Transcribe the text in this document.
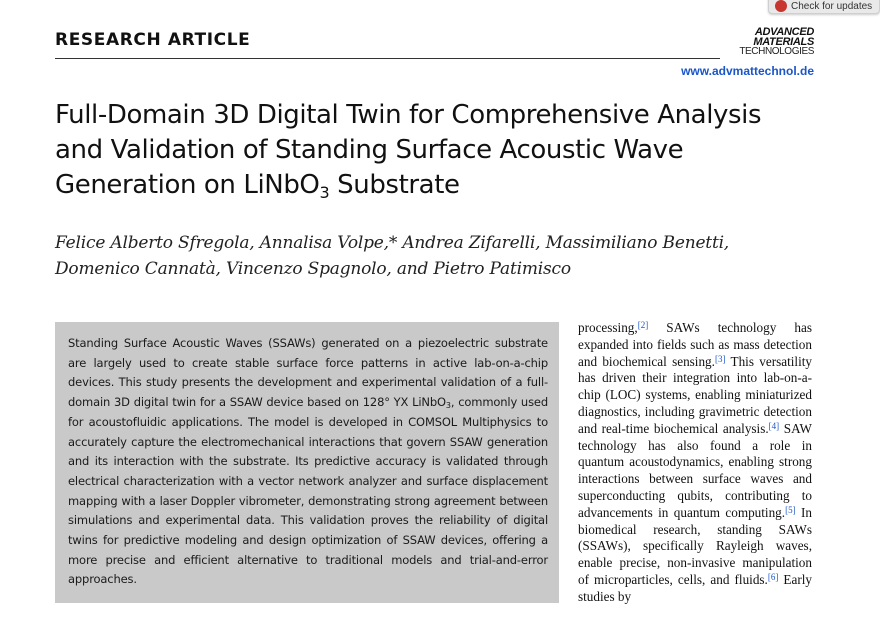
Check for updates
RESEARCH ARTICLE	ADVANCED
MATERIALS
TECHNOLOGIES
www.advmattechnol.de
Full-Domain 3D Digital Twin for Comprehensive Analysis and Validation of Standing Surface Acoustic Wave Generation on LiNbO$_3$ Substrate
Felice Alberto Sfregola, Annalisa Volpe,* Andrea Zifarelli, Massimiliano Benetti,
Domenico Cannatà, Vincenzo Spagnolo, and Pietro Patimisco

Standing Surface Acoustic Waves (SSAWs) generated on a piezoelectric substrate are largely used to create stable surface force patterns in active lab-on-a-chip devices. This study presents the development and experimental validation of a full-domain 3D digital twin for a SSAW device based on 128° YX LiNbO$_3$, commonly used for acoustofluidic applications. The model is developed in COMSOL Multiphysics to accurately capture the electromechanical interactions that govern SSAW generation and its interaction with the substrate. Its predictive accuracy is validated through electrical characterization with a vector network analyzer and surface displacement mapping with a laser Doppler vibrometer, demonstrating strong agreement between simulations and experimental data. This validation proves the reliability of digital twins for predictive modeling and design optimization of SSAW devices, offering a more precise and efficient alternative to traditional models and trial-and-error approaches.

processing,[2] SAWs technology has expanded into fields such as mass detection and biochemical sensing.[3] This versatility has driven their integration into lab-on-a-chip (LOC) systems, enabling miniaturized diagnostics, including gravimetric detection and real-time biochemical analysis.[4] SAW technology has also found a role in quantum acoustodynamics, enabling strong interactions between surface waves and superconducting qubits, contributing to advancements in quantum computing.[5] In biomedical research, standing SAWs (SSAWs), specifically Rayleigh waves, enable precise, non-invasive manipulation of microparticles, cells, and fluids.[6] Early studies by
